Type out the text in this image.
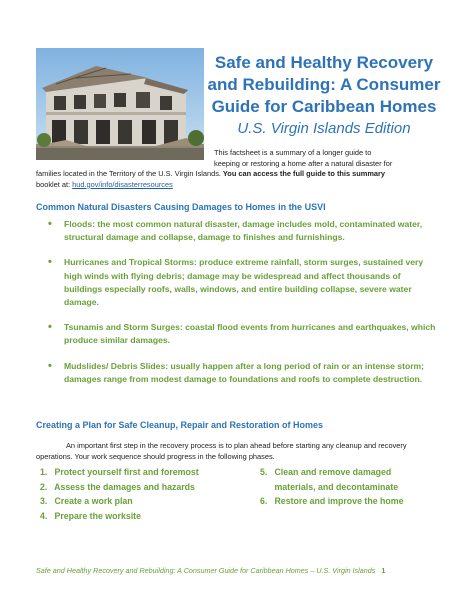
Safe and Healthy Recovery
and Rebuilding: A Consumer
Guide for Caribbean Homes
U.S. Virgin Islands Edition
This factsheet is a summary of a longer guide to
keeping or restoring a home after a natural disaster for
families located in the Territory of the U.S. Virgin Islands. You can access the full guide to this summary
booklet at: hud.gov/info/disasterresources
Common Natural Disasters Causing Damages to Homes in the USVI
• Floods: the most common natural disaster, damage includes mold, contaminated water, structural damage and collapse, damage to finishes and furnishings.
• Hurricanes and Tropical Storms: produce extreme rainfall, storm surges, sustained very high winds with flying debris; damage may be widespread and affect thousands of buildings especially roofs, walls, windows, and entire building collapse, severe water damage.
• Tsunamis and Storm Surges: coastal flood events from hurricanes and earthquakes, which produce similar damages.
• Mudslides/ Debris Slides: usually happen after a long period of rain or an intense storm; damages range from modest damage to foundations and roofs to complete destruction.
Creating a Plan for Safe Cleanup, Repair and Restoration of Homes
An important first step in the recovery process is to plan ahead before starting any cleanup and recovery operations. Your work sequence should progress in the following phases.
1. Protect yourself first and foremost
2. Assess the damages and hazards
3. Create a work plan
4. Prepare the worksite
5. Clean and remove damaged
materials, and decontaminate
6. Restore and improve the home
Safe and Healthy Recovery and Rebuilding: A Consumer Guide for Caribbean Homes – U.S. Virgin Islands 1
